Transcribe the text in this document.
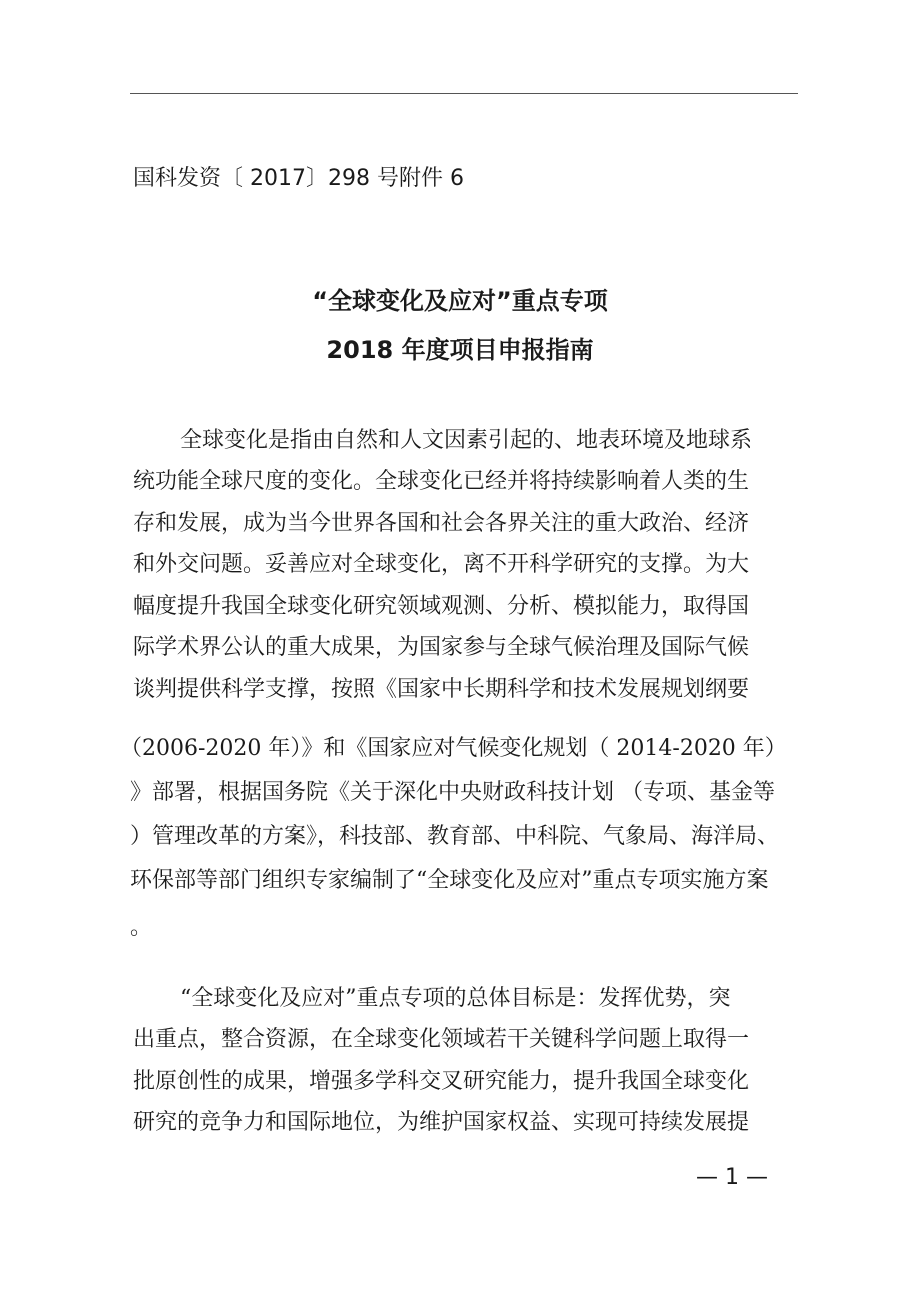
国科发资〔 2017〕298 号附件 6
“全球变化及应对”重点专项
2018 年度项目申报指南
全球变化是指由自然和人文因素引起的、地表环境及地球系
统功能全球尺度的变化。全球变化已经并将持续影响着人类的生
存和发展，成为当今世界各国和社会各界关注的重大政治、经济
和外交问题。妥善应对全球变化，离不开科学研究的支撑。为大
幅度提升我国全球变化研究领域观测、分析、模拟能力，取得国
际学术界公认的重大成果，为国家参与全球气候治理及国际气候
谈判提供科学支撑，按照《国家中长期科学和技术发展规划纲要
（2006-2020 年）》和《国家应对气候变化规划（ 2014-2020 年）
》部署，根据国务院《关于深化中央财政科技计划 （专项、基金等
）管理改革的方案》，科技部、教育部、中科院、气象局、海洋局、
环保部等部门组织专家编制了“全球变化及应对”重点专项实施方案
。
“全球变化及应对”重点专项的总体目标是：发挥优势，突
出重点，整合资源，在全球变化领域若干关键科学问题上取得一
批原创性的成果，增强多学科交叉研究能力，提升我国全球变化
研究的竞争力和国际地位，为维护国家权益、实现可持续发展提
— 1 —
